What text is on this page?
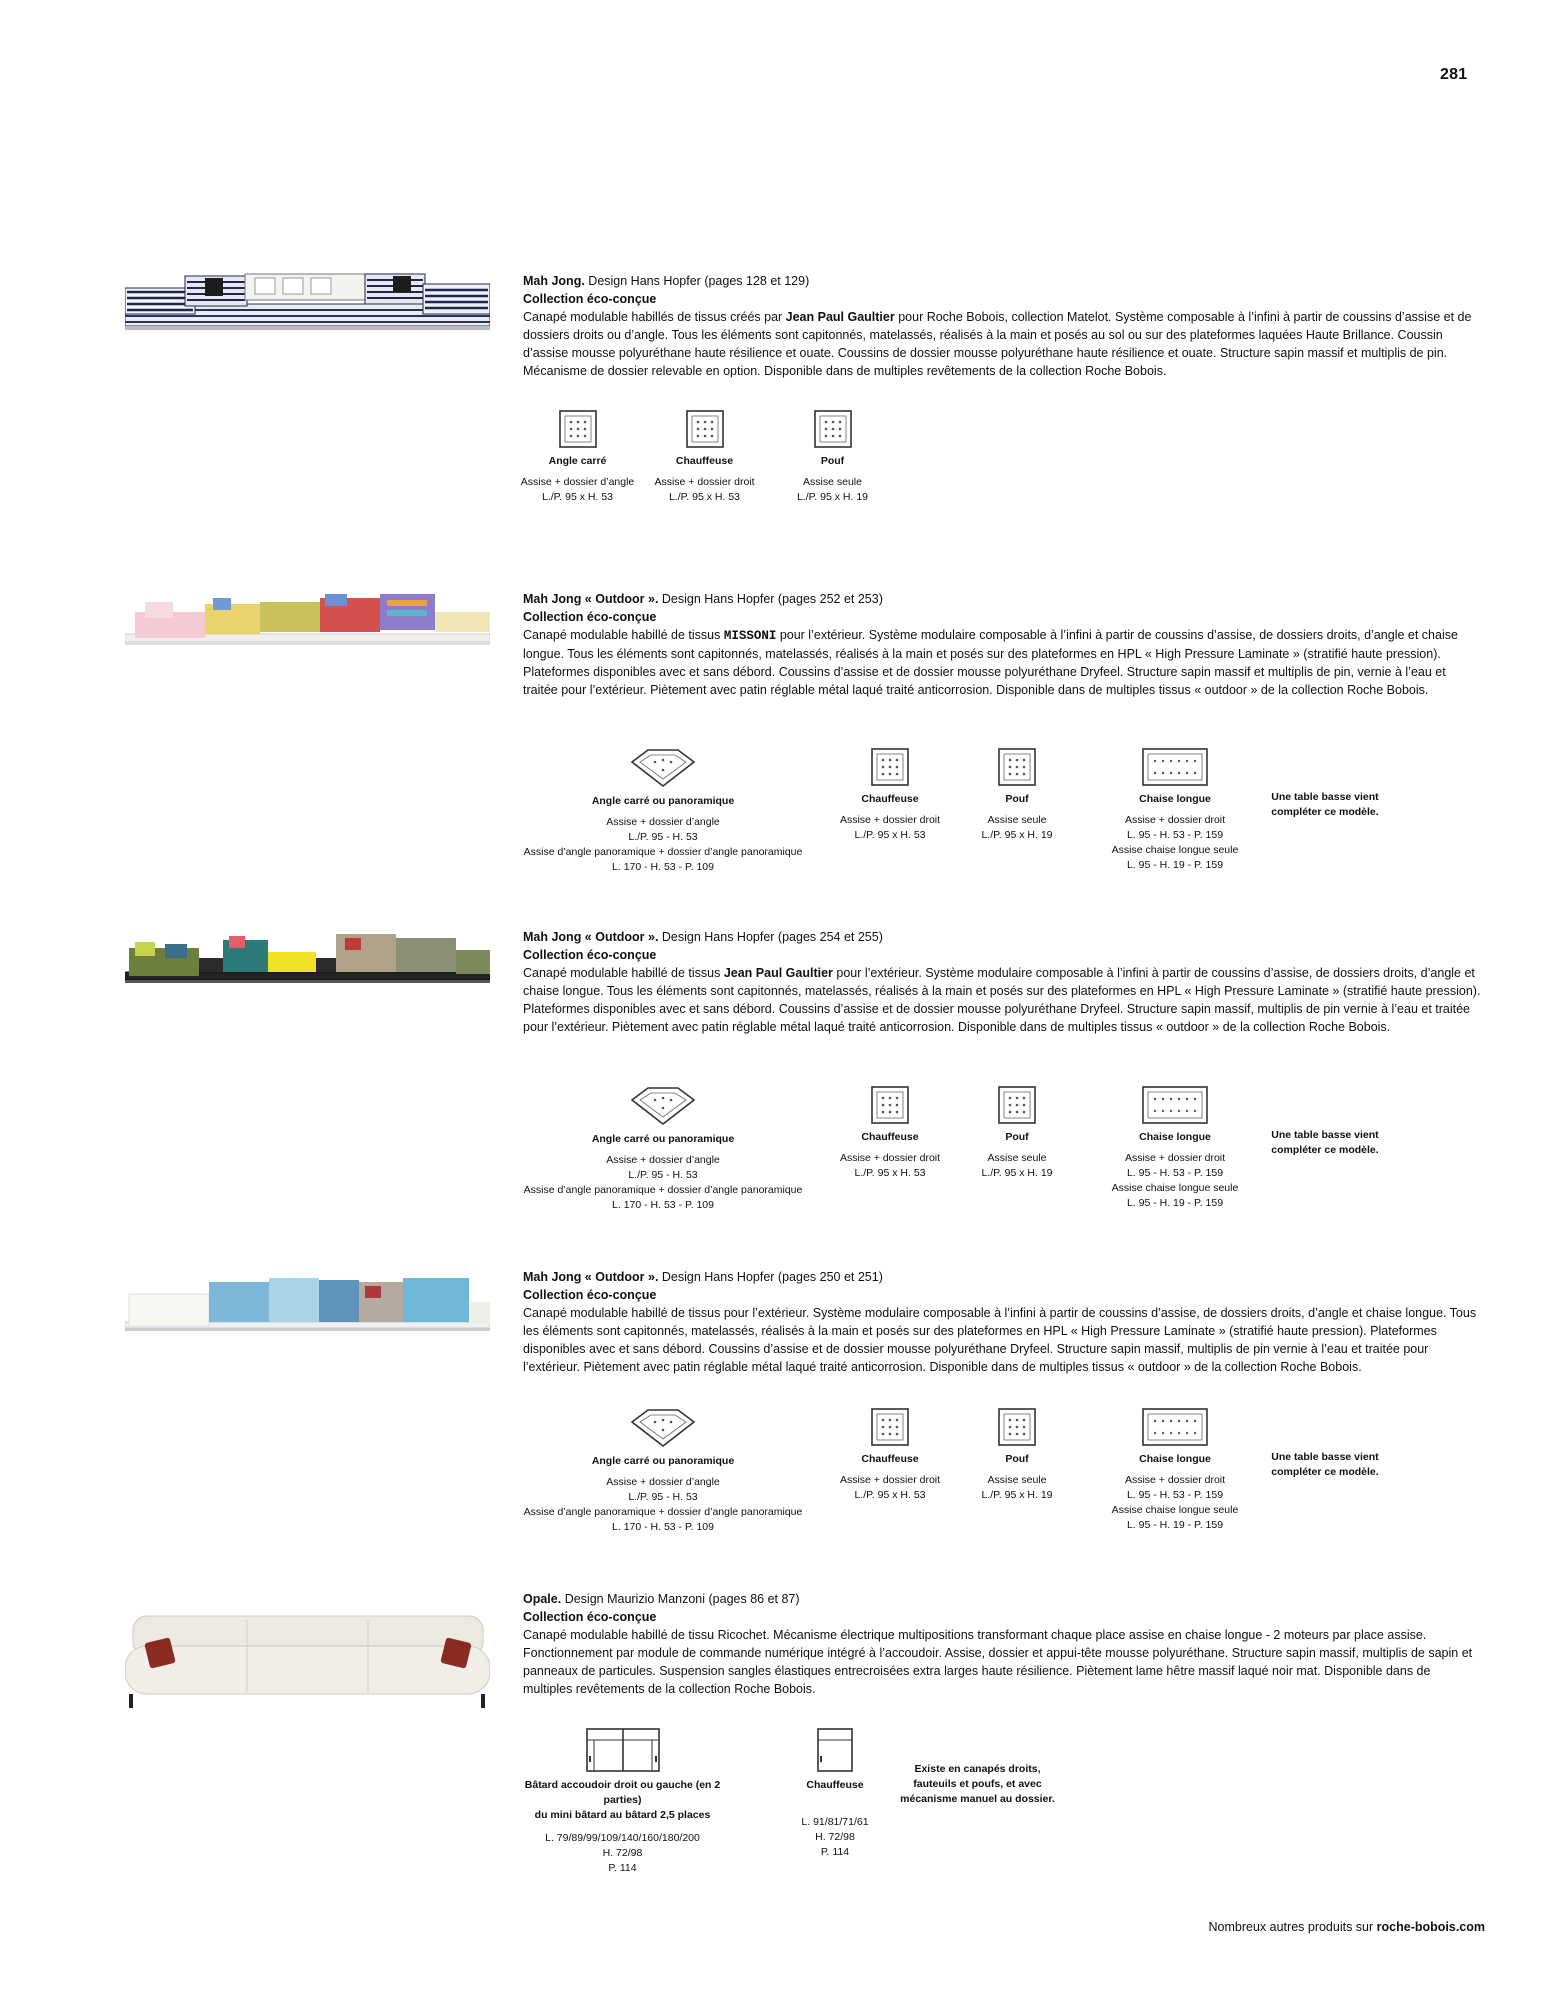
281

Mah Jong. Design Hans Hopfer (pages 128 et 129)

Collection éco-conçue

Canapé modulable habillés de tissus créés par Jean Paul Gaultier pour Roche Bobois, collection Matelot. Système composable à l’infini à partir de coussins d’assise et de dossiers droits ou d’angle. Tous les éléments sont capitonnés, matelassés, réalisés à la main et posés au sol ou sur des plateformes laquées Haute Brillance. Coussin d’assise mousse polyuréthane haute résilience et ouate. Coussins de dossier mousse polyuréthane haute résilience et ouate. Structure sapin massif et multiplis de pin. Mécanisme de dossier relevable en option. Disponible dans de multiples revêtements de la collection Roche Bobois.

Angle carré
Assise + dossier d’angle
L./P. 95 x H. 53
Chauffeuse
Assise + dossier droit
L./P. 95 x H. 53
Pouf
Assise seule
L./P. 95 x H. 19

Mah Jong « Outdoor ». Design Hans Hopfer (pages 252 et 253)

Collection éco-conçue

Canapé modulable habillé de tissus MISSONI pour l’extérieur. Système modulaire composable à l’infini à partir de coussins d’assise, de dossiers droits, d’angle et chaise longue. Tous les éléments sont capitonnés, matelassés, réalisés à la main et posés sur des plateformes en HPL « High Pressure Laminate » (stratifié haute pression). Plateformes disponibles avec et sans débord. Coussins d’assise et de dossier mousse polyuréthane Dryfeel. Structure sapin massif et multiplis de pin, vernie à l’eau et traitée pour l’extérieur. Piètement avec patin réglable métal laqué traité anticorrosion. Disponible dans de multiples tissus « outdoor » de la collection Roche Bobois.

Angle carré ou panoramique
Assise + dossier d’angle
L./P. 95 - H. 53
Assise d’angle panoramique + dossier d’angle panoramique
L. 170 - H. 53 - P. 109
Chauffeuse
Assise + dossier droit
L./P. 95 x H. 53
Pouf
Assise seule
L./P. 95 x H. 19
Chaise longue
Assise + dossier droit
L. 95 - H. 53 - P. 159
Assise chaise longue seule
L. 95 - H. 19 - P. 159
Une table basse vient compléter ce modèle.

Mah Jong « Outdoor ». Design Hans Hopfer (pages 254 et 255)

Collection éco-conçue

Canapé modulable habillé de tissus Jean Paul Gaultier pour l’extérieur. Système modulaire composable à l’infini à partir de coussins d’assise, de dossiers droits, d’angle et chaise longue. Tous les éléments sont capitonnés, matelassés, réalisés à la main et posés sur des plateformes en HPL « High Pressure Laminate » (stratifié haute pression). Plateformes disponibles avec et sans débord. Coussins d’assise et de dossier mousse polyuréthane Dryfeel. Structure sapin massif, multiplis de pin vernie à l’eau et traitée pour l’extérieur. Piètement avec patin réglable métal laqué traité anticorrosion. Disponible dans de multiples tissus « outdoor » de la collection Roche Bobois.

Angle carré ou panoramique
Assise + dossier d’angle
L./P. 95 - H. 53
Assise d’angle panoramique + dossier d’angle panoramique
L. 170 - H. 53 - P. 109
Chauffeuse
Assise + dossier droit
L./P. 95 x H. 53
Pouf
Assise seule
L./P. 95 x H. 19
Chaise longue
Assise + dossier droit
L. 95 - H. 53 - P. 159
Assise chaise longue seule
L. 95 - H. 19 - P. 159
Une table basse vient compléter ce modèle.

Mah Jong « Outdoor ». Design Hans Hopfer (pages 250 et 251)

Collection éco-conçue

Canapé modulable habillé de tissus pour l’extérieur. Système modulaire composable à l’infini à partir de coussins d’assise, de dossiers droits, d’angle et chaise longue. Tous les éléments sont capitonnés, matelassés, réalisés à la main et posés sur des plateformes en HPL « High Pressure Laminate » (stratifié haute pression). Plateformes disponibles avec et sans débord. Coussins d’assise et de dossier mousse polyuréthane Dryfeel. Structure sapin massif, multiplis de pin vernie à l’eau et traitée pour l’extérieur. Piètement avec patin réglable métal laqué traité anticorrosion. Disponible dans de multiples tissus « outdoor » de la collection Roche Bobois.

Angle carré ou panoramique
Assise + dossier d’angle
L./P. 95 - H. 53
Assise d’angle panoramique + dossier d’angle panoramique
L. 170 - H. 53 - P. 109
Chauffeuse
Assise + dossier droit
L./P. 95 x H. 53
Pouf
Assise seule
L./P. 95 x H. 19
Chaise longue
Assise + dossier droit
L. 95 - H. 53 - P. 159
Assise chaise longue seule
L. 95 - H. 19 - P. 159
Une table basse vient compléter ce modèle.

Opale. Design Maurizio Manzoni (pages 86 et 87)

Collection éco-conçue

Canapé modulable habillé de tissu Ricochet. Mécanisme électrique multipositions transformant chaque place assise en chaise longue - 2 moteurs par place assise. Fonctionnement par module de commande numérique intégré à l’accoudoir. Assise, dossier et appui-tête mousse polyuréthane. Structure sapin massif, multiplis de sapin et panneaux de particules. Suspension sangles élastiques entrecroisées extra larges haute résilience. Piètement lame hêtre massif laqué noir mat. Disponible dans de multiples revêtements de la collection Roche Bobois.

Bâtard accoudoir droit ou gauche (en 2 parties)
du mini bâtard au bâtard 2,5 places
L. 79/89/99/109/140/160/180/200
H. 72/98
P. 114
Chauffeuse
L. 91/81/71/61
H. 72/98
P. 114
Existe en canapés droits, fauteuils et poufs, et avec mécanisme manuel au dossier.
Nombreux autres produits sur roche-bobois.com
